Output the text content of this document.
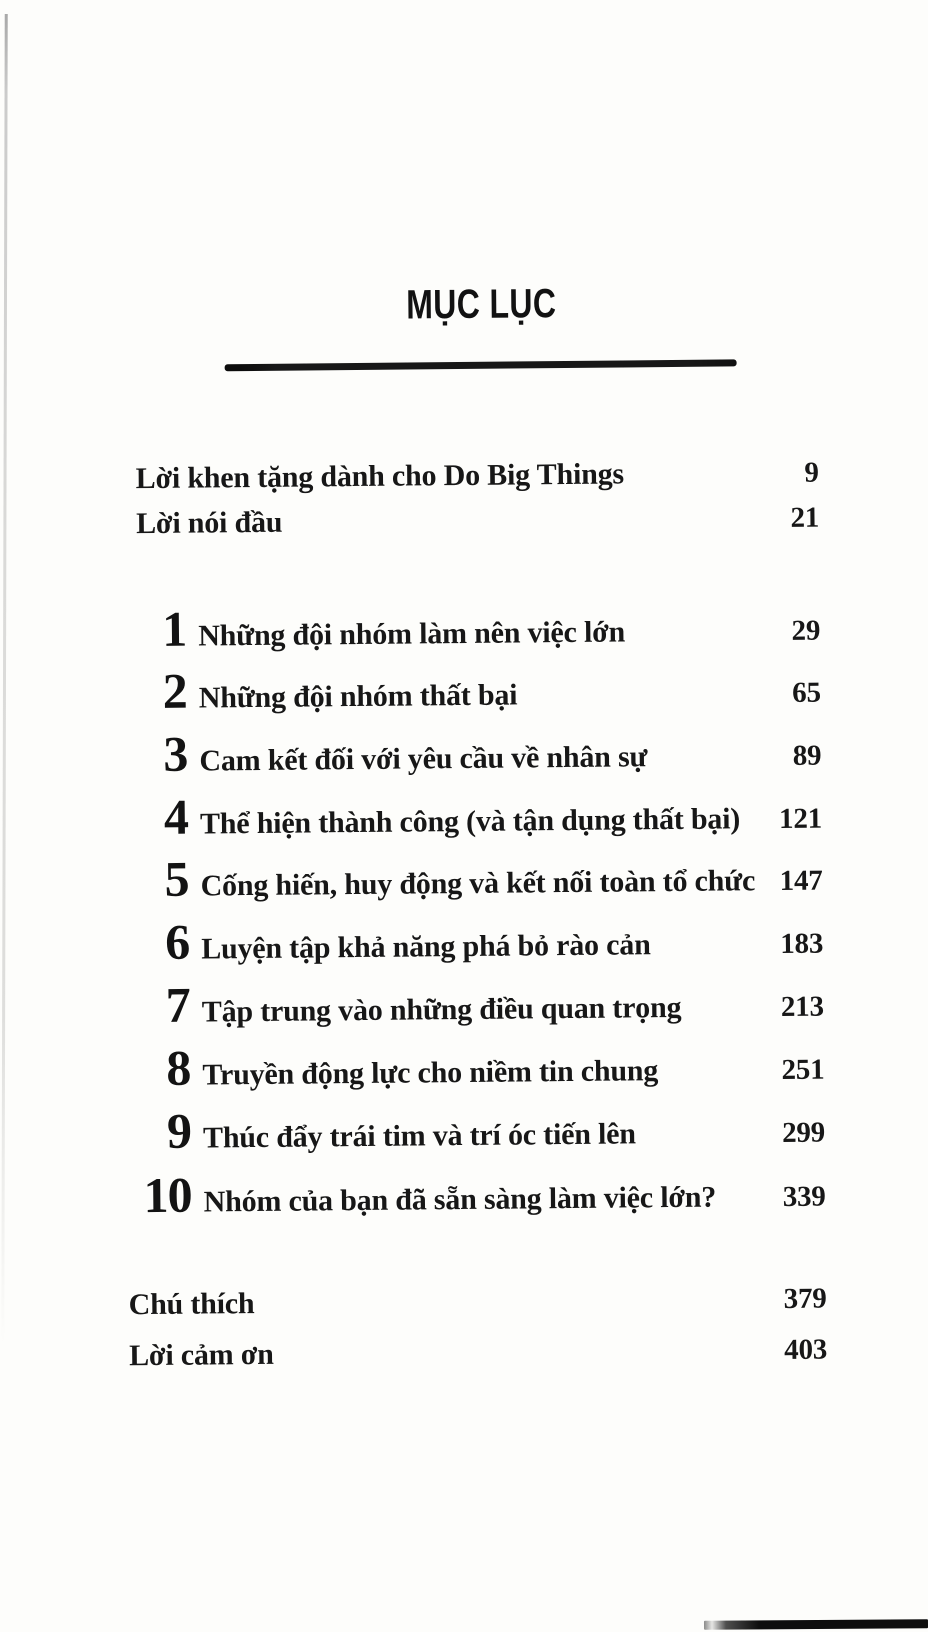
MỤC LỤC
Lời khen tặng dành cho Do Big Things	9
Lời nói đầu	21
1 Những đội nhóm làm nên việc lớn	29
2 Những đội nhóm thất bại	65
3 Cam kết đối với yêu cầu về nhân sự	89
4 Thể hiện thành công (và tận dụng thất bại)	121
5 Cống hiến, huy động và kết nối toàn tổ chức 147
6 Luyện tập khả năng phá bỏ rào cản	183
7 Tập trung vào những điều quan trọng	213
8 Truyền động lực cho niềm tin chung	251
9 Thúc đẩy trái tim và trí óc tiến lên	299
10 Nhóm của bạn đã sẵn sàng làm việc lớn?	339
Chú thích	379
Lời cảm ơn	403
